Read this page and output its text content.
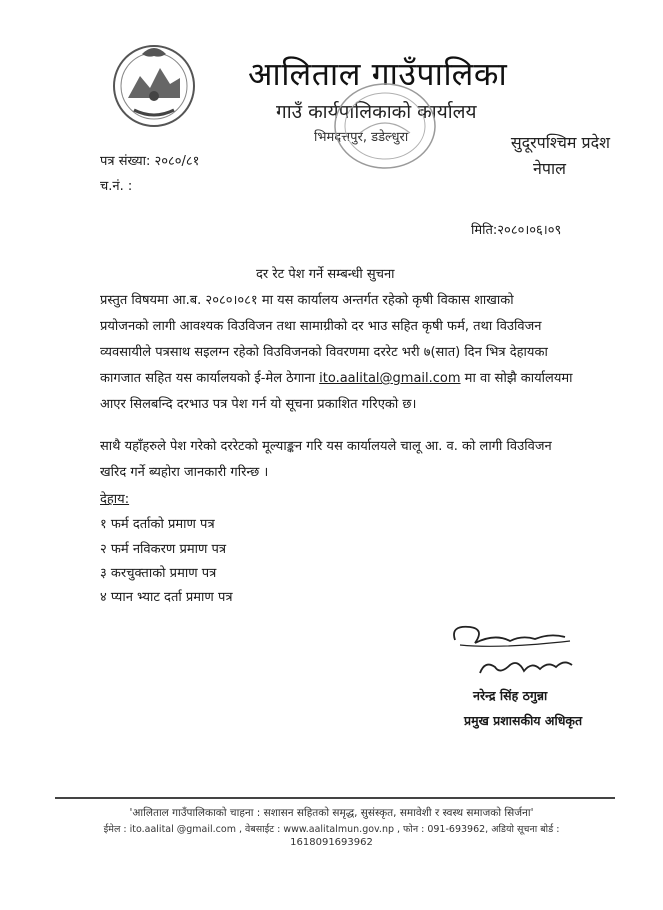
आलिताल गाउँपालिका
गाउँ कार्यपालिकाको कार्यालय
भिमदत्तपुर, डडेल्धुरा	सुदूरपश्चिम प्रदेश
नेपाल
पत्र संख्या: २०८०/८१
च.नं. :
मिति:२०८०।०६।०९
दर रेट पेश गर्ने सम्बन्धी सुचना
प्रस्तुत विषयमा आ.ब. २०८०।०८१ मा यस कार्यालय अन्तर्गत रहेको कृषी विकास शाखाको
प्रयोजनको लागी आवश्यक विउविजन तथा सामाग्रीको दर भाउ सहित कृषी फर्म, तथा विउविजन
व्यवसायीले पत्रसाथ सइलग्न रहेको विउविजनको विवरणमा दररेट भरी ७(सात) दिन भित्र देहायका
कागजात सहित यस कार्यालयको ई-मेल ठेगाना ito.aalital@gmail.com मा वा सोझै कार्यालयमा
आएर सिलबन्दि दरभाउ पत्र पेश गर्न यो सूचना प्रकाशित गरिएको छ।
साथै यहाँहरुले पेश गरेको दररेटको मूल्याङ्कन गरि यस कार्यालयले चालू आ. व. को लागी विउविजन
खरिद गर्ने ब्यहोरा जानकारी गरिन्छ ।
देहाय:
१ फर्म दर्ताको प्रमाण पत्र
२ फर्म नविकरण प्रमाण पत्र
३ करचुक्ताको प्रमाण पत्र
४ प्यान भ्याट दर्ता प्रमाण पत्र
नरेन्द्र सिंह ठगुन्ना
प्रमुख प्रशासकीय अधिकृत
'आलिताल गाउँपालिकाको चाहना : सशासन सहितको समृद्ध, सुसंस्कृत, समावेशी र स्वस्थ समाजको सिर्जना'
ईमेल : ito.aalital @gmail.com , वेबसाईट : www.aalitalmun.gov.np , फोन : 091-693962, अडियो सूचना बोर्ड :
1618091693962
